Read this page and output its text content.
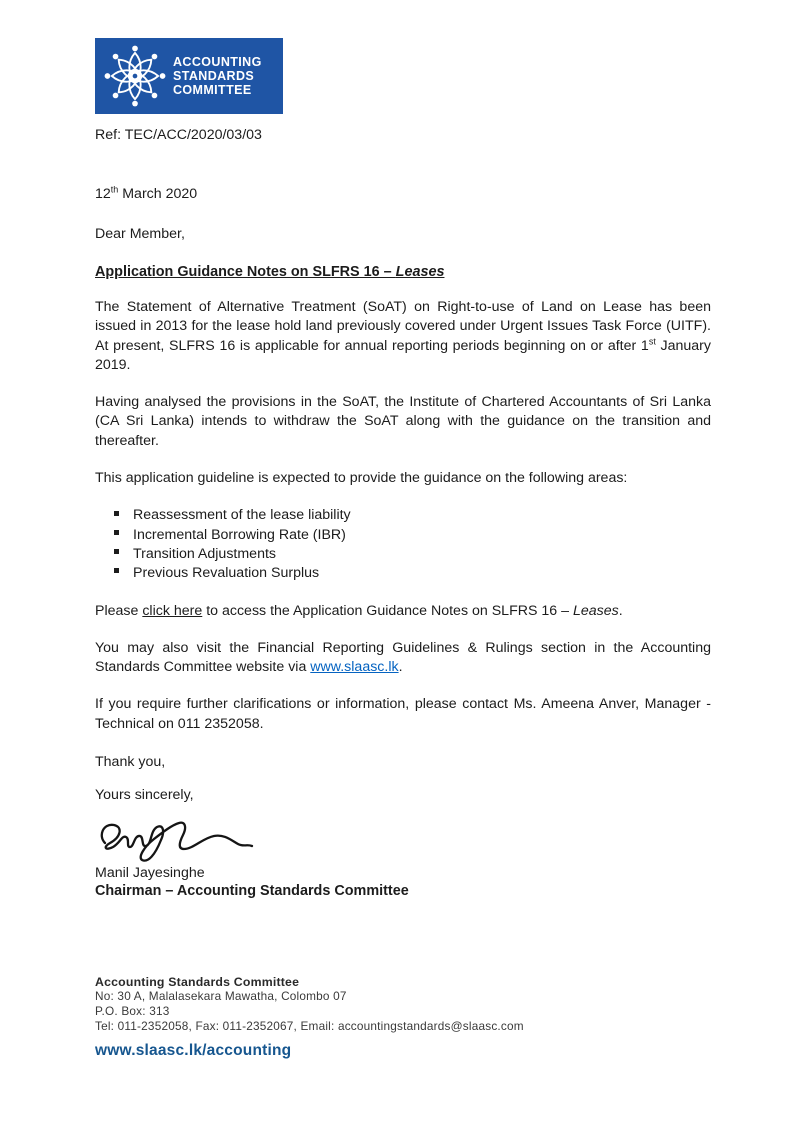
ACCOUNTING
STANDARDS
COMMITTEE
Ref: TEC/ACC/2020/03/03
12th March 2020
Dear Member,
Application Guidance Notes on SLFRS 16 – Leases
The Statement of Alternative Treatment (SoAT) on Right-to-use of Land on Lease has been issued in 2013 for the lease hold land previously covered under Urgent Issues Task Force (UITF). At present, SLFRS 16 is applicable for annual reporting periods beginning on or after 1st January 2019.
Having analysed the provisions in the SoAT, the Institute of Chartered Accountants of Sri Lanka (CA Sri Lanka) intends to withdraw the SoAT along with the guidance on the transition and thereafter.
This application guideline is expected to provide the guidance on the following areas:
Reassessment of the lease liability
Incremental Borrowing Rate (IBR)
Transition Adjustments
Previous Revaluation Surplus
Please click here to access the Application Guidance Notes on SLFRS 16 – Leases.
You may also visit the Financial Reporting Guidelines & Rulings section in the Accounting Standards Committee website via www.slaasc.lk.
If you require further clarifications or information, please contact Ms. Ameena Anver, Manager - Technical on 011 2352058.
Thank you,
Yours sincerely,
Manil Jayesinghe
Chairman – Accounting Standards Committee
Accounting Standards Committee
No: 30 A, Malalasekara Mawatha, Colombo 07
P.O. Box: 313
Tel: 011-2352058, Fax: 011-2352067, Email: accountingstandards@slaasc.com
www.slaasc.lk/accounting
